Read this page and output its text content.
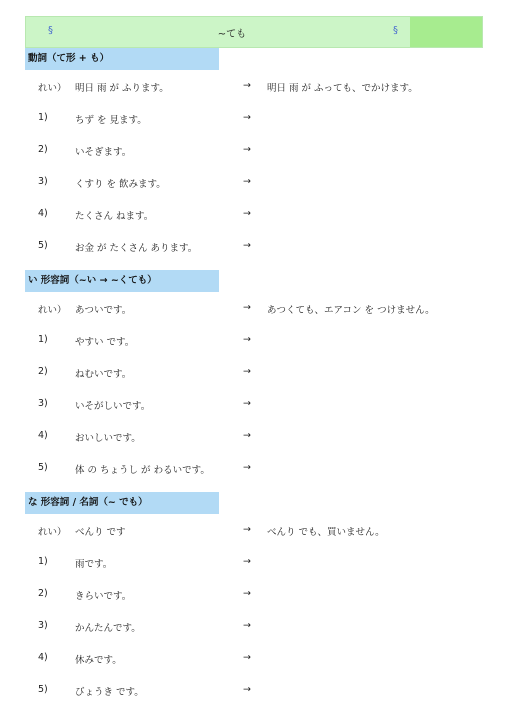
§	~ても	§
動詞（て形 + も）
れい） 明日 雨 が ふります。	→ 明日 雨 が ふっても、でかけます。
1)	ちず を 見ます。	→
2)	いそぎます。	→
3)	くすり を 飲みます。	→
4)	たくさん ねます。	→
5)	お金 が たくさん あります。	→
い 形容詞（~い → ~くても）
れい） あついです。	→ あつくても、エアコン を つけません。
1)	やすい です。	→
2)	ねむいです。	→
3)	いそがしいです。	→
4)	おいしいです。	→
5)	体 の ちょうし が わるいです。	→
な 形容詞 / 名詞（~ でも）
れい） べんり です	→ べんり でも、買いません。
1)	雨です。	→
2)	きらいです。	→
3)	かんたんです。	→
4)	休みです。	→
5)	びょうき です。	→
